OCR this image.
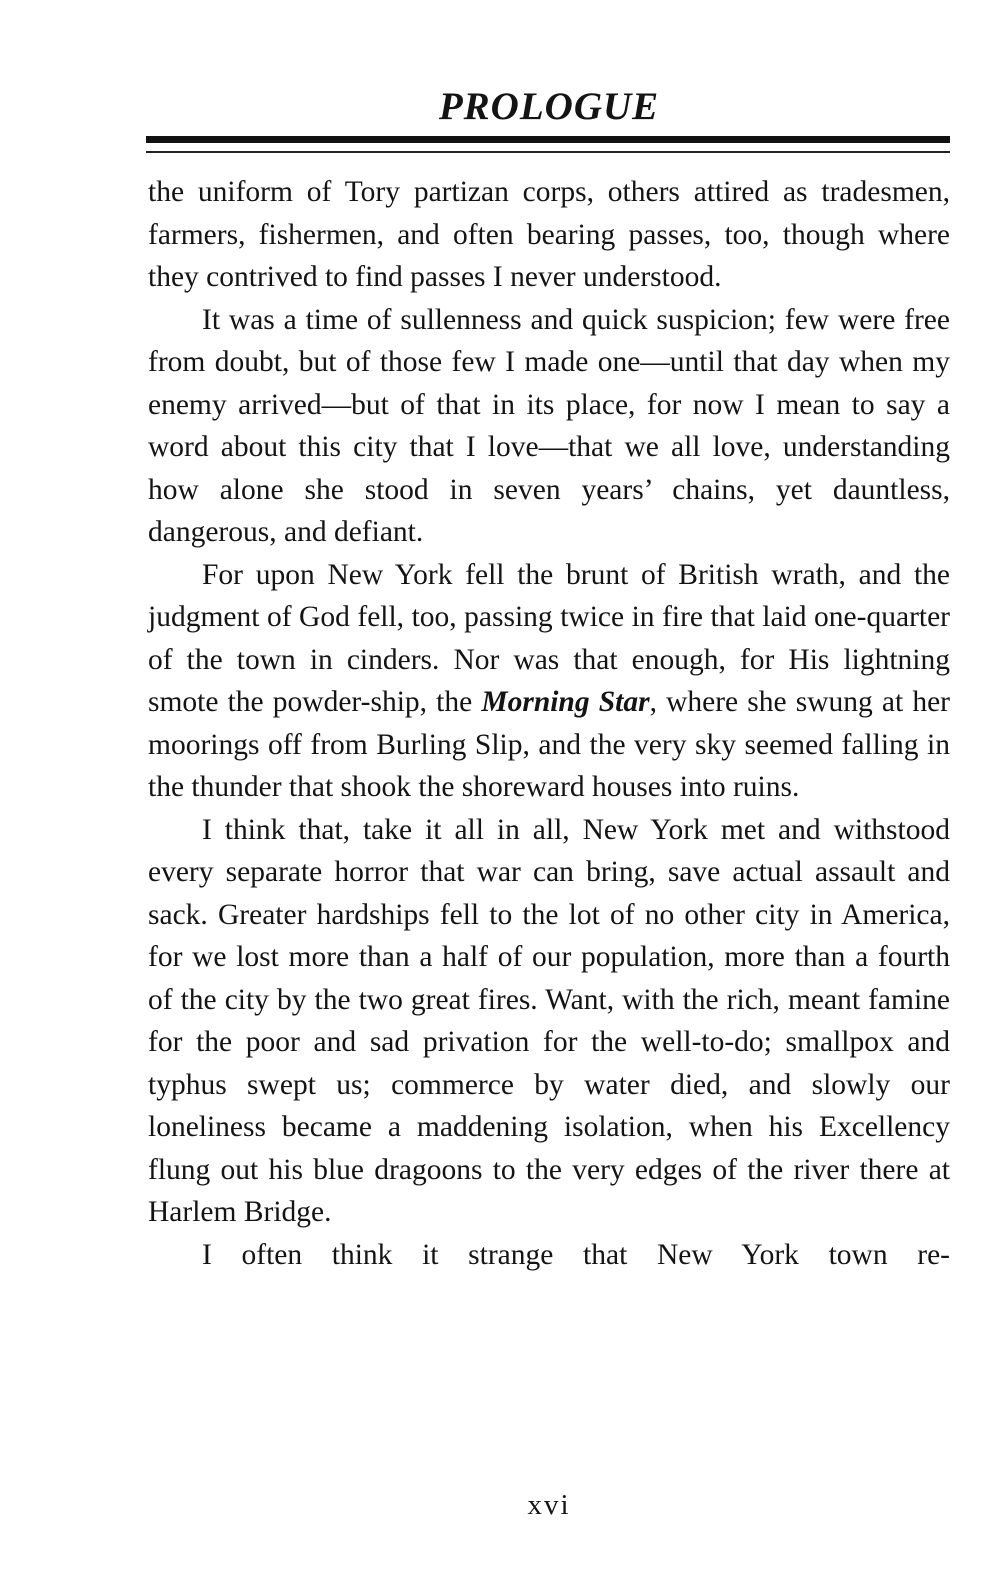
PROLOGUE

the uniform of Tory partizan corps, others attired as tradesmen, farmers, fishermen, and often bearing passes, too, though where they contrived to find passes I never understood.

It was a time of sullenness and quick suspicion; few were free from doubt, but of those few I made one—until that day when my enemy arrived—but of that in its place, for now I mean to say a word about this city that I love—that we all love, understanding how alone she stood in seven years’ chains, yet dauntless, dangerous, and defiant.

For upon New York fell the brunt of British wrath, and the judgment of God fell, too, passing twice in fire that laid one-quarter of the town in cinders. Nor was that enough, for His lightning smote the powder-ship, the Morning Star, where she swung at her moorings off from Burling Slip, and the very sky seemed falling in the thunder that shook the shoreward houses into ruins.

I think that, take it all in all, New York met and withstood every separate horror that war can bring, save actual assault and sack. Greater hardships fell to the lot of no other city in America, for we lost more than a half of our population, more than a fourth of the city by the two great fires. Want, with the rich, meant famine for the poor and sad privation for the well-to-do; smallpox and typhus swept us; commerce by water died, and slowly our loneliness became a maddening isolation, when his Excellency flung out his blue dragoons to the very edges of the river there at Harlem Bridge.

I often think it strange that New York town re-

xvi
